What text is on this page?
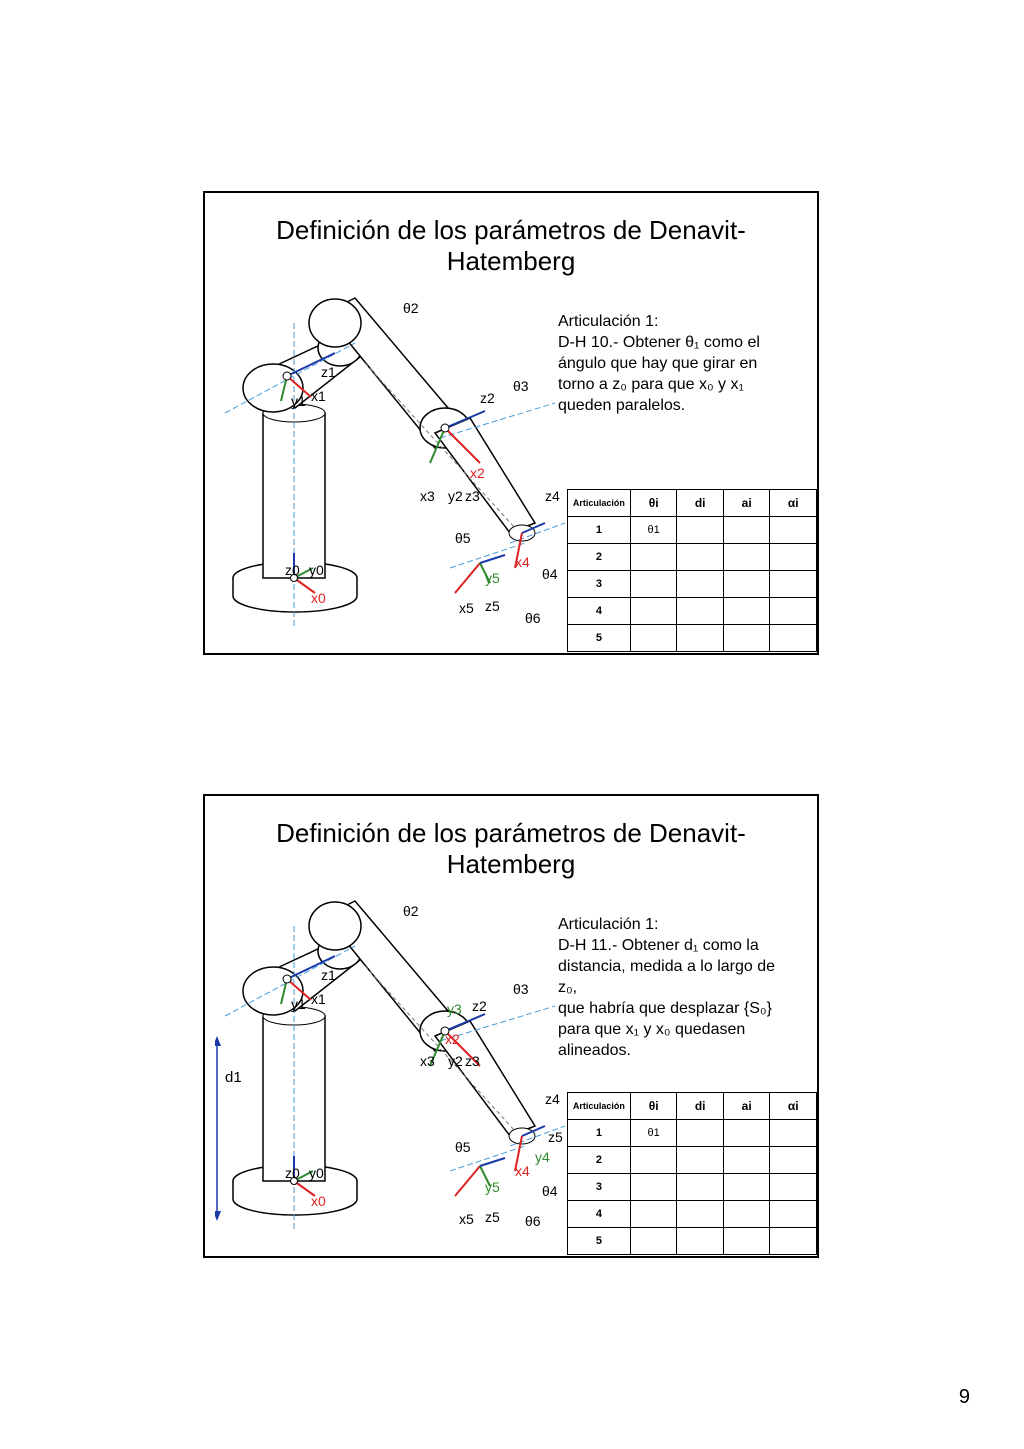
Definición de los parámetros de Denavit-
Hatemberg
θ2
θ3
z1
y1 x1
z0 y0
x0
x3 y2 z3	z4
θ5
θ4
θ6
x5
y5
z5
x4
z2
x2

Articulación 1:

D-H 10.- Obtener θ₁ como el

ángulo que hay que girar en

torno a z₀ para que x₀ y x₁

queden paralelos.

Articulación	θi	di	ai	αi
1	θ1			
2				
3				
4				
5				
Definición de los parámetros de Denavit-
Hatemberg
d1
θ2
θ3
z1
y1 x1
z0 y0
x0
x3 y2 z3
z4
z5
y4
θ5
θ4
θ6
x5
y5
z5
x4
z2
x2
y3

Articulación 1:

D-H 11.- Obtener d₁ como la

distancia, medida a lo largo de z₀,

que habría que desplazar {S₀}

para que x₁ y x₀ quedasen

alineados.

Articulación	θi	di	ai	αi
1	θ1			
2				
3				
4				
5				
9
